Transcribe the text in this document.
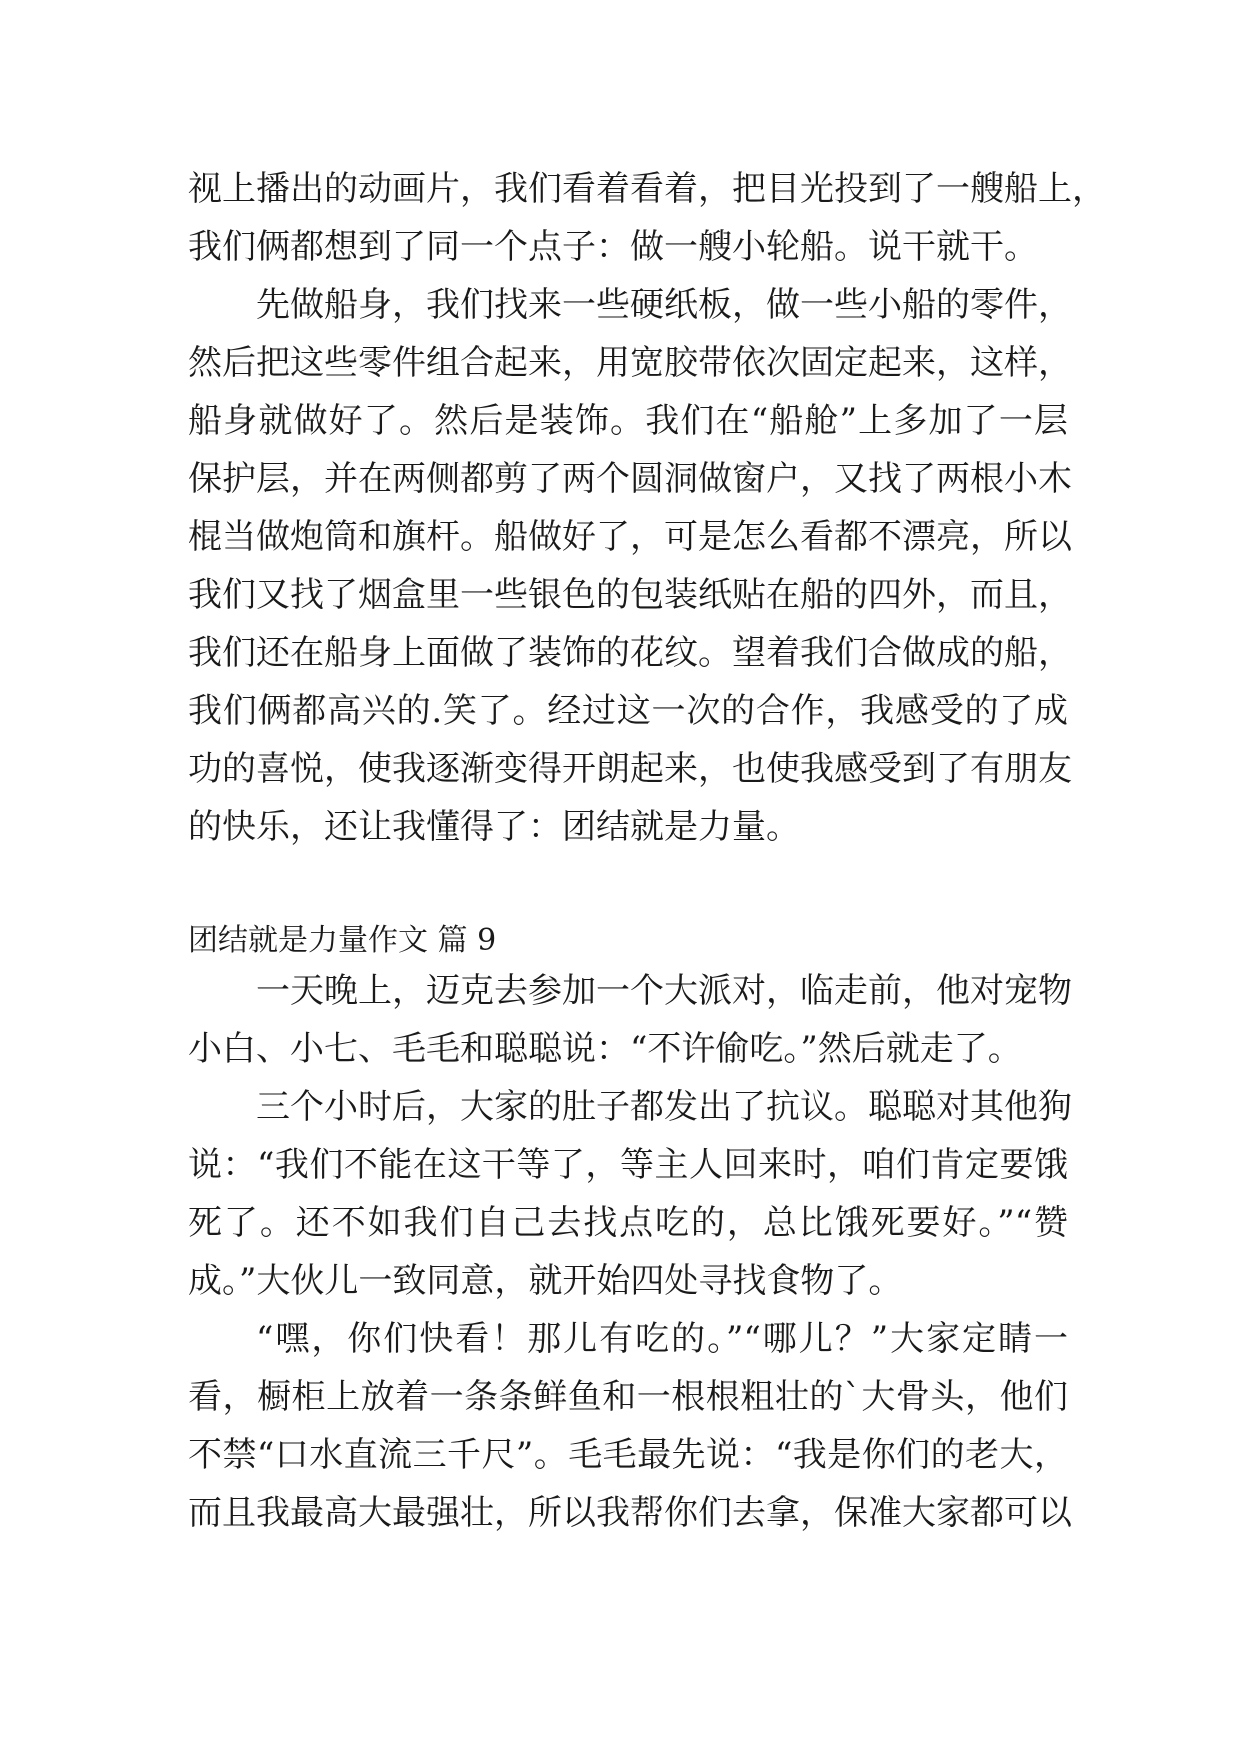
视上播出的动画片，我们看着看着，把目光投到了一艘船上，
我们俩都想到了同一个点子：做一艘小轮船。说干就干。
先做船身，我们找来一些硬纸板，做一些小船的零件，
然后把这些零件组合起来，用宽胶带依次固定起来，这样，
船身就做好了。然后是装饰。我们在“船舱”上多加了一层
保护层，并在两侧都剪了两个圆洞做窗户，又找了两根小木
棍当做炮筒和旗杆。船做好了，可是怎么看都不漂亮，所以
我们又找了烟盒里一些银色的包装纸贴在船的四外，而且，
我们还在船身上面做了装饰的花纹。望着我们合做成的船，
我们俩都高兴的.笑了。经过这一次的合作，我感受的了成
功的喜悦，使我逐渐变得开朗起来，也使我感受到了有朋友
的快乐，还让我懂得了：团结就是力量。
团结就是力量作文 篇 9
一天晚上，迈克去参加一个大派对，临走前，他对宠物
小白、小七、毛毛和聪聪说：“不许偷吃。”然后就走了。
三个小时后，大家的肚子都发出了抗议。聪聪对其他狗
说：“我们不能在这干等了，等主人回来时，咱们肯定要饿
死了。还不如我们自己去找点吃的，总比饿死要好。”“赞
成。”大伙儿一致同意，就开始四处寻找食物了。
“嘿，你们快看！那儿有吃的。”“哪儿？”大家定睛一
看，橱柜上放着一条条鲜鱼和一根根粗壮的`大骨头，他们
不禁“口水直流三千尺”。毛毛最先说：“我是你们的老大，
而且我最高大最强壮，所以我帮你们去拿，保准大家都可以
